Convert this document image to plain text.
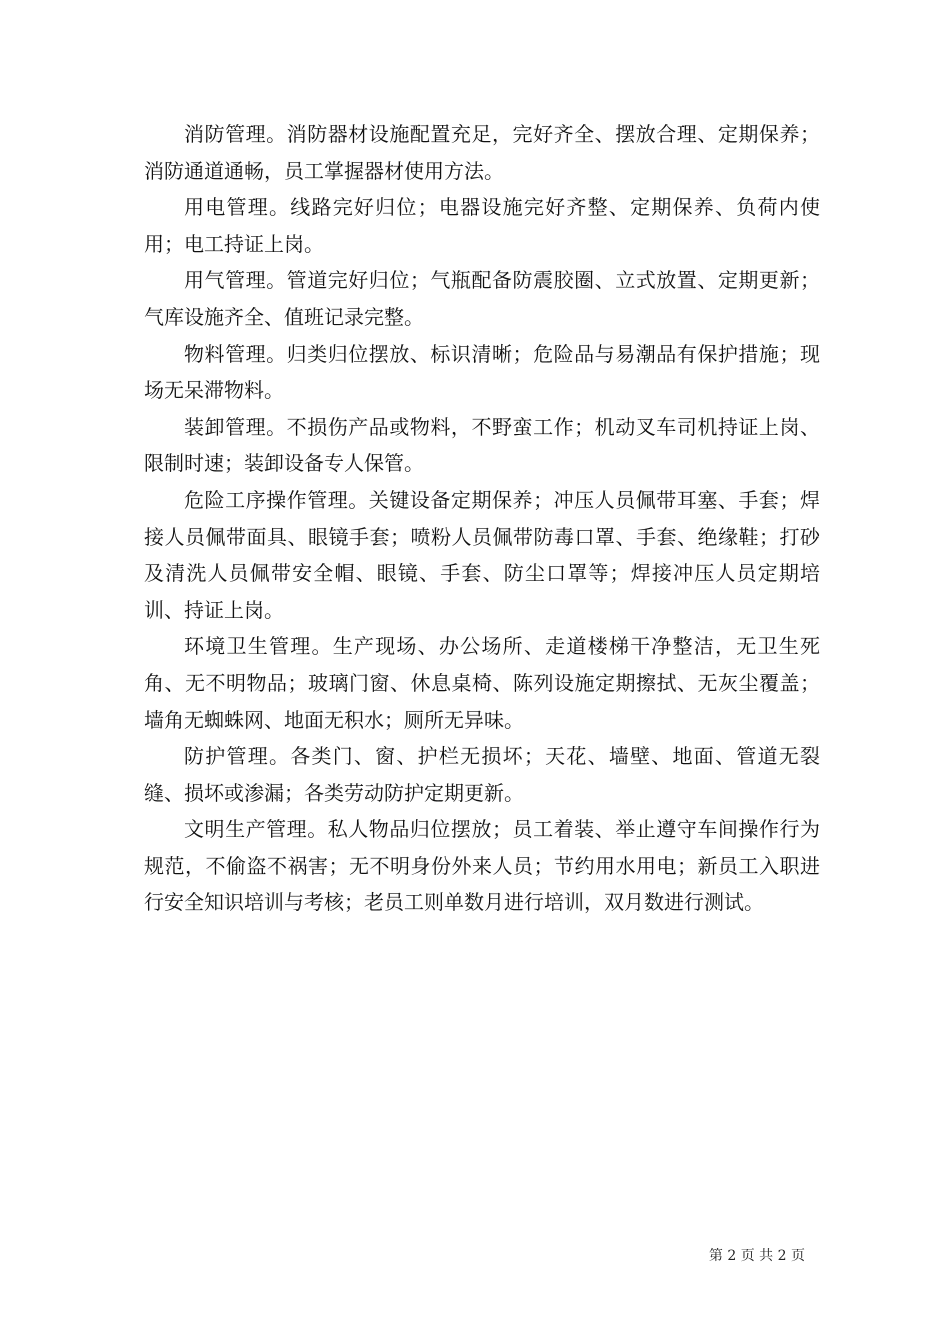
消防管理。消防器材设施配置充足，完好齐全、摆放合理、定期保养；消防通道通畅，员工掌握器材使用方法。

用电管理。线路完好归位；电器设施完好齐整、定期保养、负荷内使用；电工持证上岗。

用气管理。管道完好归位；气瓶配备防震胶圈、立式放置、定期更新；气库设施齐全、值班记录完整。

物料管理。归类归位摆放、标识清晰；危险品与易潮品有保护措施；现场无呆滞物料。

装卸管理。不损伤产品或物料，不野蛮工作；机动叉车司机持证上岗、限制时速；装卸设备专人保管。

危险工序操作管理。关键设备定期保养；冲压人员佩带耳塞、手套；焊接人员佩带面具、眼镜手套；喷粉人员佩带防毒口罩、手套、绝缘鞋；打砂及清洗人员佩带安全帽、眼镜、手套、防尘口罩等；焊接冲压人员定期培训、持证上岗。

环境卫生管理。生产现场、办公场所、走道楼梯干净整洁，无卫生死角、无不明物品；玻璃门窗、休息桌椅、陈列设施定期擦拭、无灰尘覆盖；墙角无蜘蛛网、地面无积水；厕所无异味。

防护管理。各类门、窗、护栏无损坏；天花、墙壁、地面、管道无裂缝、损坏或渗漏；各类劳动防护定期更新。

文明生产管理。私人物品归位摆放；员工着装、举止遵守车间操作行为规范，不偷盗不祸害；无不明身份外来人员；节约用水用电；新员工入职进行安全知识培训与考核；老员工则单数月进行培训，双月数进行测试。

第 2 页 共 2 页
